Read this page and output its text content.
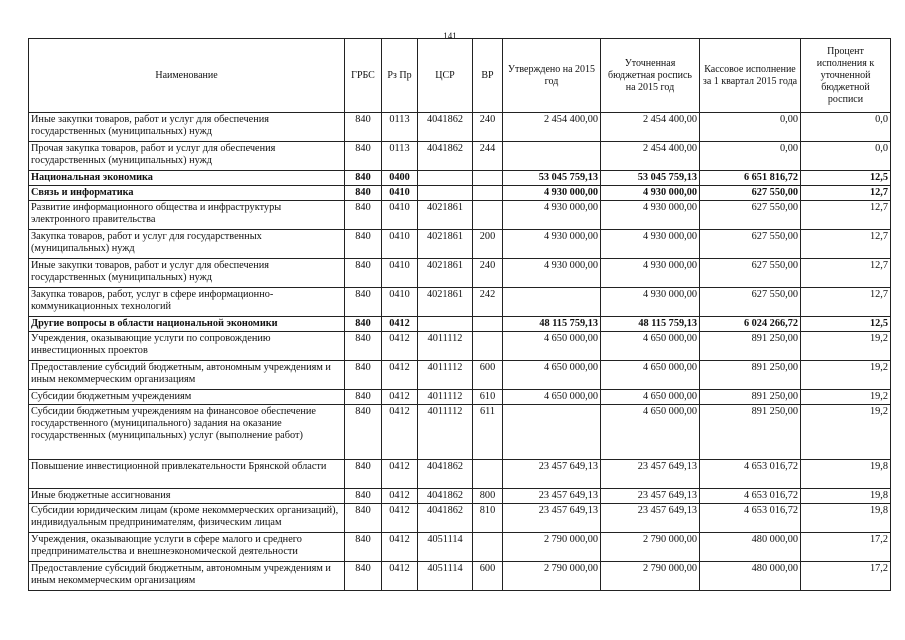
141
Наименование	ГРБС	Рз Пр	ЦСР	ВР	Утверждено на 2015 год	Уточненная бюджетная роспись на 2015 год	Кассовое исполнение за 1 квартал 2015 года	Процент исполнения к уточненной бюджетной росписи
Иные закупки товаров, работ и услуг для обеспечения государственных (муниципальных) нужд	840	0113	4041862	240	2 454 400,00	2 454 400,00	0,00	0,0
Прочая закупка товаров, работ и услуг для обеспечения государственных (муниципальных) нужд	840	0113	4041862	244		2 454 400,00	0,00	0,0
Национальная экономика	840	0400			53 045 759,13	53 045 759,13	6 651 816,72	12,5
Связь и информатика	840	0410			4 930 000,00	4 930 000,00	627 550,00	12,7
Развитие информационного общества и инфраструктуры электронного правительства	840	0410	4021861		4 930 000,00	4 930 000,00	627 550,00	12,7
Закупка товаров, работ и услуг для государственных (муниципальных) нужд	840	0410	4021861	200	4 930 000,00	4 930 000,00	627 550,00	12,7
Иные закупки товаров, работ и услуг для обеспечения государственных (муниципальных) нужд	840	0410	4021861	240	4 930 000,00	4 930 000,00	627 550,00	12,7
Закупка товаров, работ, услуг в сфере информационно-коммуникационных технологий	840	0410	4021861	242		4 930 000,00	627 550,00	12,7
Другие вопросы в области национальной экономики	840	0412			48 115 759,13	48 115 759,13	6 024 266,72	12,5
Учреждения, оказывающие услуги по сопровождению инвестиционных проектов	840	0412	4011112		4 650 000,00	4 650 000,00	891 250,00	19,2
Предоставление субсидий бюджетным, автономным учреждениям и иным некоммерческим организациям	840	0412	4011112	600	4 650 000,00	4 650 000,00	891 250,00	19,2
Субсидии бюджетным учреждениям	840	0412	4011112	610	4 650 000,00	4 650 000,00	891 250,00	19,2
Субсидии бюджетным учреждениям на финансовое обеспечение государственного (муниципального) задания на оказание государственных (муниципальных) услуг (выполнение работ)	840	0412	4011112	611		4 650 000,00	891 250,00	19,2
Повышение инвестиционной привлекательности Брянской области	840	0412	4041862		23 457 649,13	23 457 649,13	4 653 016,72	19,8
Иные бюджетные ассигнования	840	0412	4041862	800	23 457 649,13	23 457 649,13	4 653 016,72	19,8
Субсидии юридическим лицам (кроме некоммерческих организаций), индивидуальным предпринимателям, физическим лицам	840	0412	4041862	810	23 457 649,13	23 457 649,13	4 653 016,72	19,8
Учреждения, оказывающие услуги в сфере малого и среднего предпринимательства и внешнеэкономической деятельности	840	0412	4051114		2 790 000,00	2 790 000,00	480 000,00	17,2
Предоставление субсидий бюджетным, автономным учреждениям и иным некоммерческим организациям	840	0412	4051114	600	2 790 000,00	2 790 000,00	480 000,00	17,2
